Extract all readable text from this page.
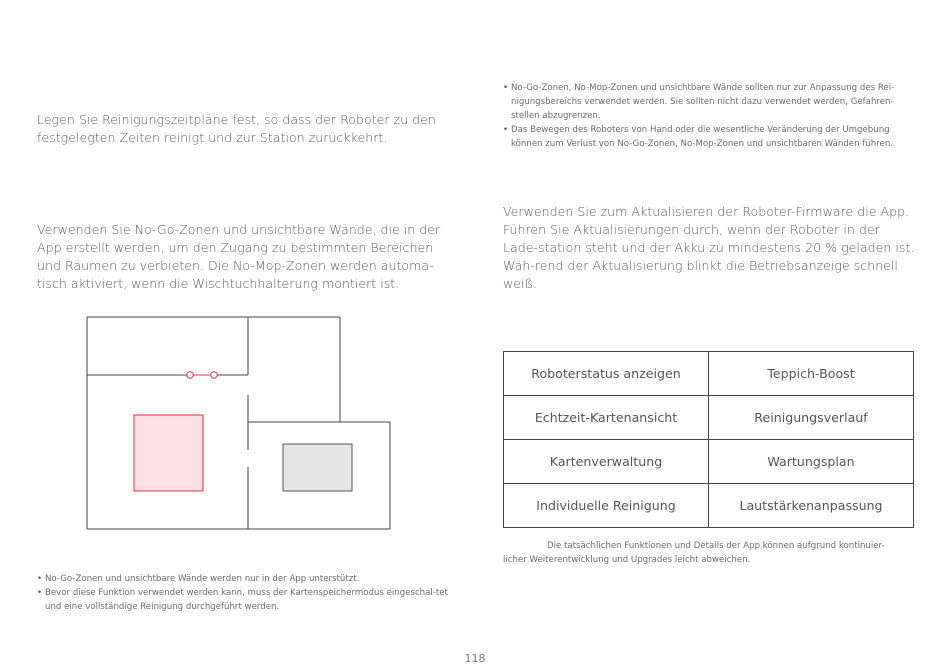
Legen Sie Reinigungszeitpläne fest, so dass der Roboter zu den festgelegten Zeiten reinigt und zur Station zurückkehrt.

Verwenden Sie No-Go-Zonen und unsichtbare Wände, die in der App erstellt werden, um den Zugang zu bestimmten Bereichen und Räumen zu verbieten. Die No-Mop-Zonen werden automa-tisch aktiviert, wenn die Wischtuchhalterung montiert ist.

• No-Go-Zonen und unsichtbare Wände werden nur in der App unterstützt.
• Bevor diese Funktion verwendet werden kann, muss der Kartenspeichermodus eingeschal-tet und eine vollständige Reinigung durchgeführt werden.
• No-Go-Zonen, No-Mop-Zonen und unsichtbare Wände sollten nur zur Anpassung des Rei-nigungsbereichs verwendet werden. Sie sollten nicht dazu verwendet werden, Gefahren-stellen abzugrenzen.
• Das Bewegen des Roboters von Hand oder die wesentliche Veränderung der Umgebung können zum Verlust von No-Go-Zonen, No-Mop-Zonen und unsichtbaren Wänden führen.

Verwenden Sie zum Aktualisieren der Roboter-Firmware die App. Führen Sie Aktualisierungen durch, wenn der Roboter in der Lade-station steht und der Akku zu mindestens 20 % geladen ist. Wäh-rend der Aktualisierung blinkt die Betriebsanzeige schnell weiß.

Roboterstatus anzeigen	Teppich-Boost
Echtzeit-Kartenansicht	Reinigungsverlauf
Kartenverwaltung	Wartungsplan
Individuelle Reinigung	Lautstärkenanpassung

Die tatsächlichen Funktionen und Details der App können aufgrund kontinuier-licher Weiterentwicklung und Upgrades leicht abweichen.

118
